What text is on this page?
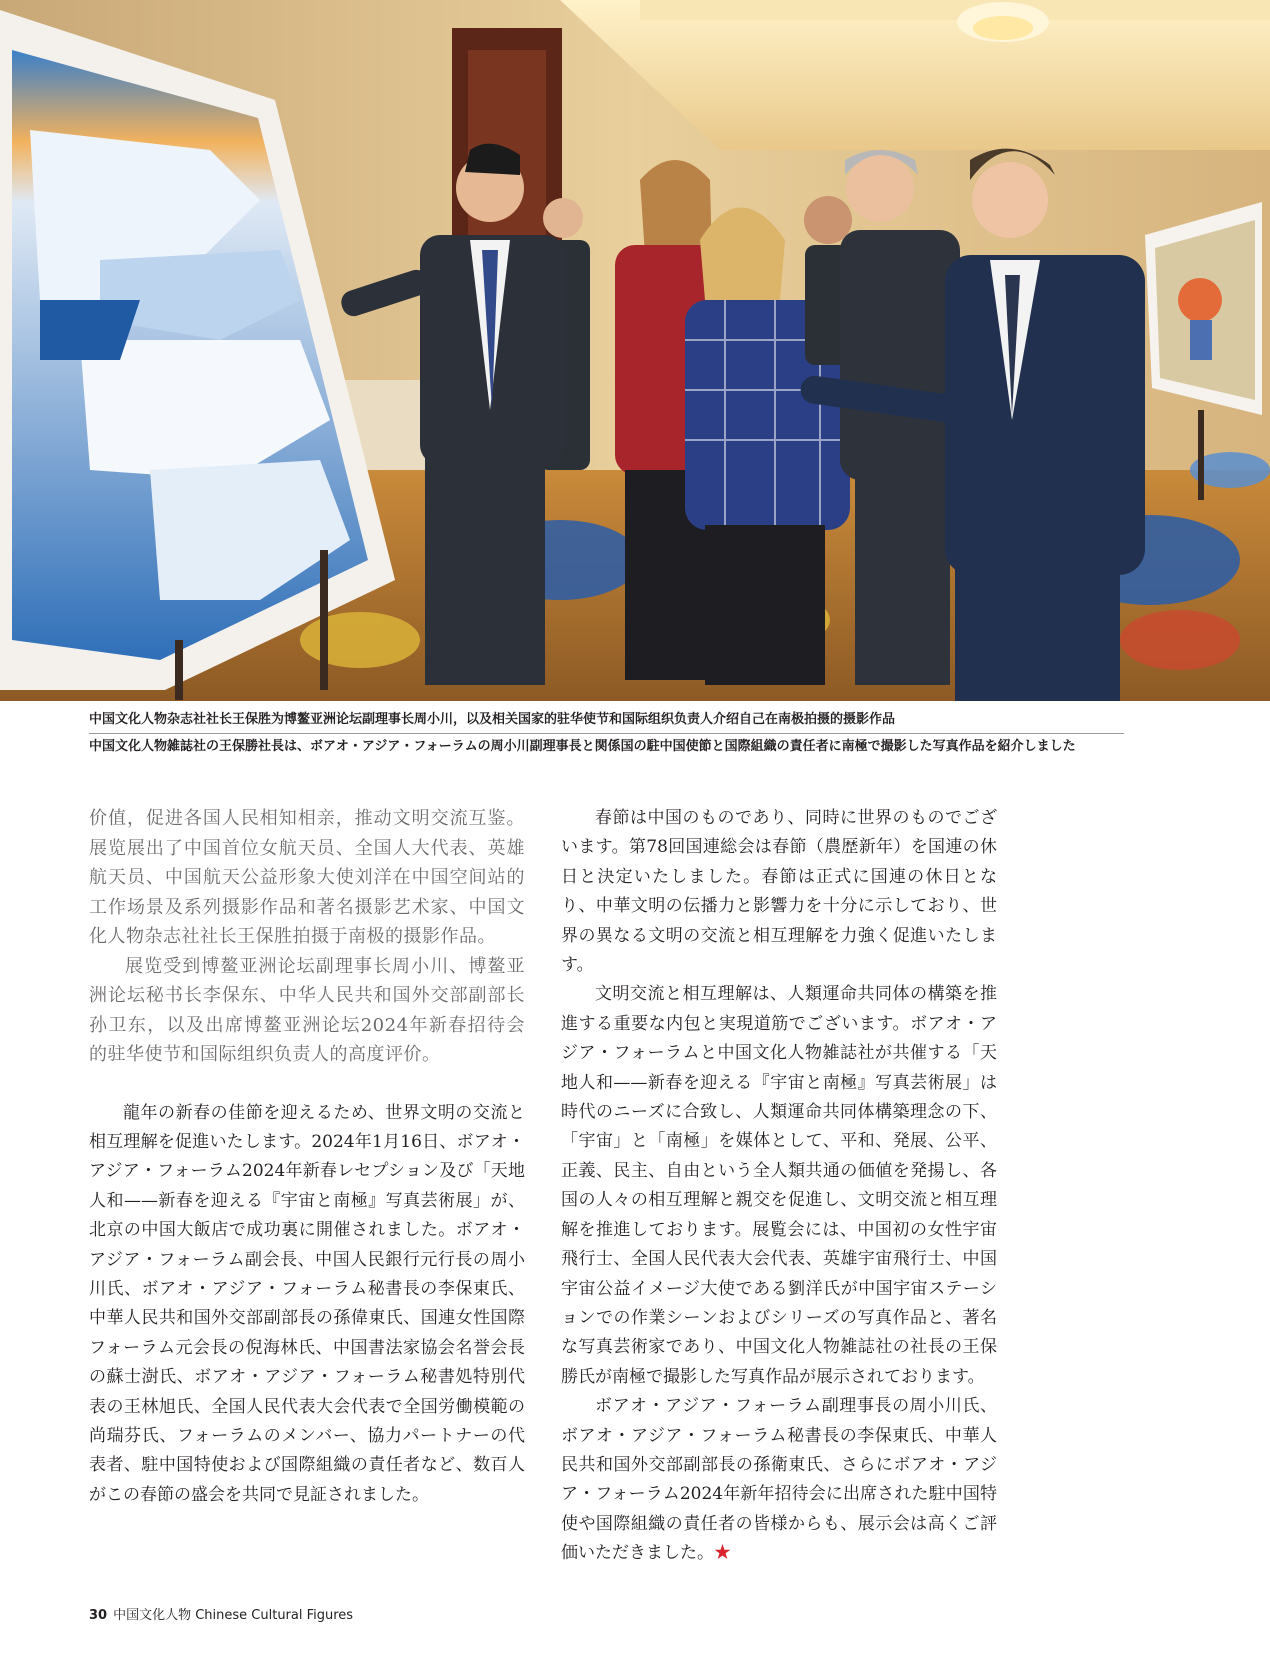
中国文化人物杂志社社长王保胜为博鳌亚洲论坛副理事长周小川，以及相关国家的驻华使节和国际组织负责人介绍自己在南极拍摄的摄影作品
中国文化人物雑誌社の王保勝社長は、ボアオ・アジア・フォーラムの周小川副理事長と関係国の駐中国使節と国際組織の責任者に南極で撮影した写真作品を紹介しました

价值，促进各国人民相知相亲，推动文明交流互鉴。展览展出了中国首位女航天员、全国人大代表、英雄航天员、中国航天公益形象大使刘洋在中国空间站的工作场景及系列摄影作品和著名摄影艺术家、中国文化人物杂志社社长王保胜拍摄于南极的摄影作品。

展览受到博鳌亚洲论坛副理事长周小川、博鳌亚洲论坛秘书长李保东、中华人民共和国外交部副部长孙卫东，以及出席博鳌亚洲论坛2024年新春招待会的驻华使节和国际组织负责人的高度评价。

龍年の新春の佳節を迎えるため、世界文明の交流と相互理解を促進いたします。2024年1月16日、ボアオ・アジア・フォーラム2024年新春レセプション及び「天地人和——新春を迎える『宇宙と南極』写真芸術展」が、北京の中国大飯店で成功裏に開催されました。ボアオ・アジア・フォーラム副会長、中国人民銀行元行長の周小川氏、ボアオ・アジア・フォーラム秘書長の李保東氏、中華人民共和国外交部副部長の孫偉東氏、国連女性国際フォーラム元会長の倪海林氏、中国書法家協会名誉会長の蘇士澍氏、ボアオ・アジア・フォーラム秘書処特別代表の王林旭氏、全国人民代表大会代表で全国労働模範の尚瑞芬氏、フォーラムのメンバー、協力パートナーの代表者、駐中国特使および国際組織の責任者など、数百人がこの春節の盛会を共同で見証されました。

春節は中国のものであり、同時に世界のものでございます。第78回国連総会は春節（農歴新年）を国連の休日と決定いたしました。春節は正式に国連の休日となり、中華文明の伝播力と影響力を十分に示しており、世界の異なる文明の交流と相互理解を力強く促進いたします。

文明交流と相互理解は、人類運命共同体の構築を推進する重要な内包と実現道筋でございます。ボアオ・アジア・フォーラムと中国文化人物雑誌社が共催する「天地人和——新春を迎える『宇宙と南極』写真芸術展」は時代のニーズに合致し、人類運命共同体構築理念の下、「宇宙」と「南極」を媒体として、平和、発展、公平、正義、民主、自由という全人類共通の価値を発揚し、各国の人々の相互理解と親交を促進し、文明交流と相互理解を推進しております。展覧会には、中国初の女性宇宙飛行士、全国人民代表大会代表、英雄宇宙飛行士、中国宇宙公益イメージ大使である劉洋氏が中国宇宙ステーションでの作業シーンおよびシリーズの写真作品と、著名な写真芸術家であり、中国文化人物雑誌社の社長の王保勝氏が南極で撮影した写真作品が展示されております。

ボアオ・アジア・フォーラム副理事長の周小川氏、ボアオ・アジア・フォーラム秘書長の李保東氏、中華人民共和国外交部副部長の孫衛東氏、さらにボアオ・アジア・フォーラム2024年新年招待会に出席された駐中国特使や国際組織の責任者の皆様からも、展示会は高くご評価いただきました。★

30 中国文化人物 Chinese Cultural Figures
